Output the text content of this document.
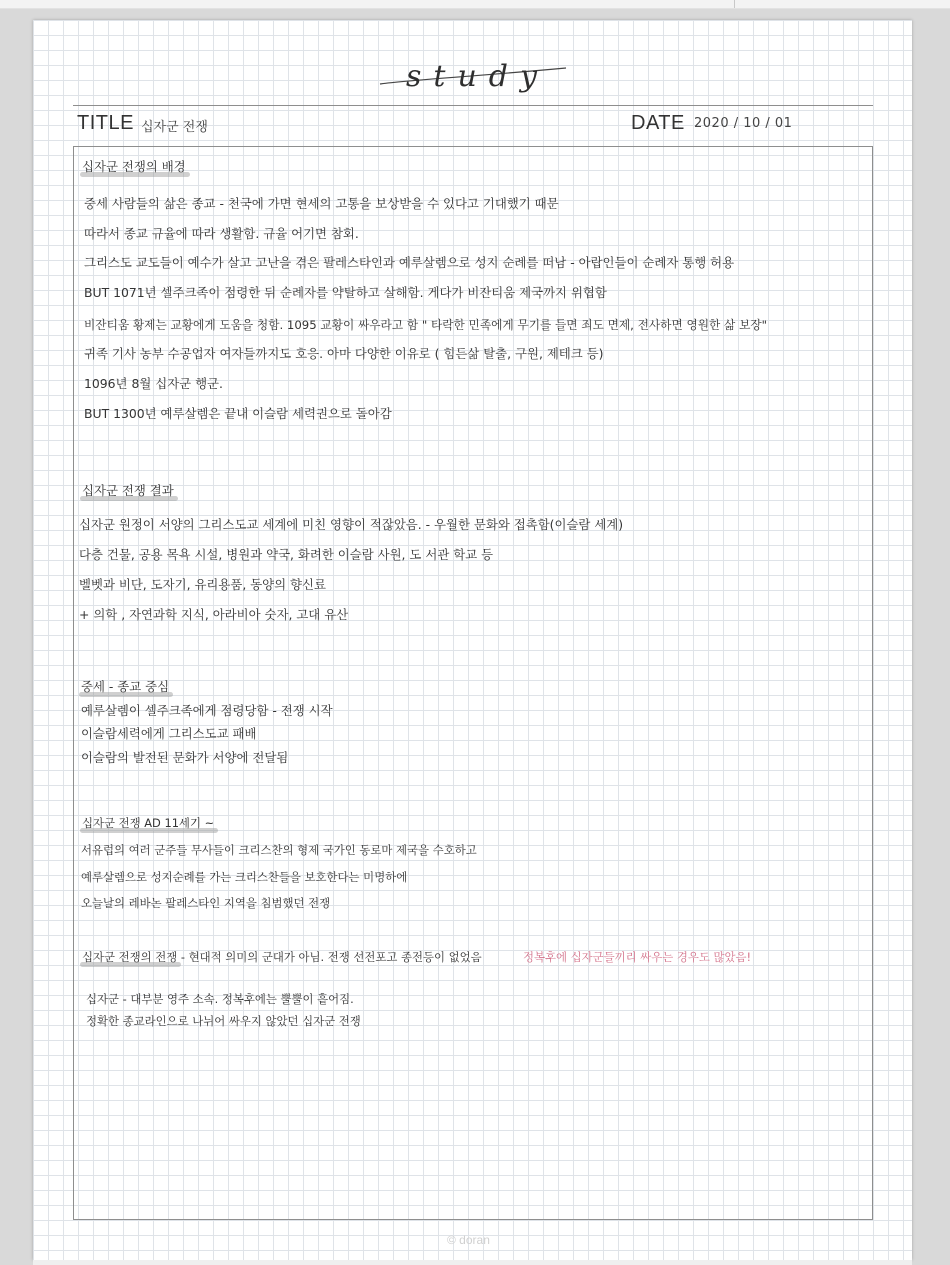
study
TITLE 십자군 전쟁	DATE 2020 / 10 / 01
십자군 전쟁의 배경
중세 사람들의 삶은 종교 - 천국에 가면 현세의 고통을 보상받을 수 있다고 기대했기 때문
따라서 종교 규율에 따라 생활함. 규율 어기면 참회.
그리스도 교도들이 예수가 살고 고난을 겪은 팔레스타인과 예루살렘으로 성지 순례를 떠남 - 아랍인들이 순례자 통행 허용
BUT 1071년 셀주크족이 점령한 뒤 순례자를 약탈하고 살해함. 게다가 비잔티움 제국까지 위협함
비잔티움 황제는 교황에게 도움을 청함. 1095 교황이 싸우라고 함 " 타락한 민족에게 무기를 들면 죄도 면제, 전사하면 영원한 삶 보장"
귀족 기사 농부 수공업자 여자들까지도 호응. 아마 다양한 이유로 ( 힘든삶 탈출, 구원, 제테크 등)
1096년 8월 십자군 행군.
BUT 1300년 예루살렘은 끝내 이슬람 세력권으로 돌아감
십자군 전쟁 결과
십자군 원정이 서양의 그리스도교 세계에 미친 영향이 적잖았음. - 우월한 문화와 접촉함(이슬람 세계)
다층 건물, 공용 목욕 시설, 병원과 약국, 화려한 이슬람 사원, 도 서관 학교 등
벨벳과 비단, 도자기, 유리용품, 동양의 향신료
+ 의학 , 자연과학 지식, 아라비아 숫자, 고대 유산
중세 - 종교 중심
예루살렘이 셀주크족에게 점령당함 - 전쟁 시작
이슬람세력에게 그리스도교 패배
이슬람의 발전된 문화가 서양에 전달됨
십자군 전쟁 AD 11세기 ~
서유럽의 여러 군주들 무사들이 크리스찬의 형제 국가인 동로마 제국을 수호하고
예루살렘으로 성지순례를 가는 크리스찬들을 보호한다는 미명하에
오늘날의 레바논 팔레스타인 지역을 침범했던 전쟁
십자군 전쟁의 전쟁 - 현대적 의미의 군대가 아님. 전쟁 선전포고 종전등이 없었음	정복후에 십자군들끼리 싸우는 경우도 많았음!
십자군 - 대부분 영주 소속. 정복후에는 뿔뿔이 흩어짐.
정확한 종교라인으로 나뉘어 싸우지 않았던 십자군 전쟁
© doran
